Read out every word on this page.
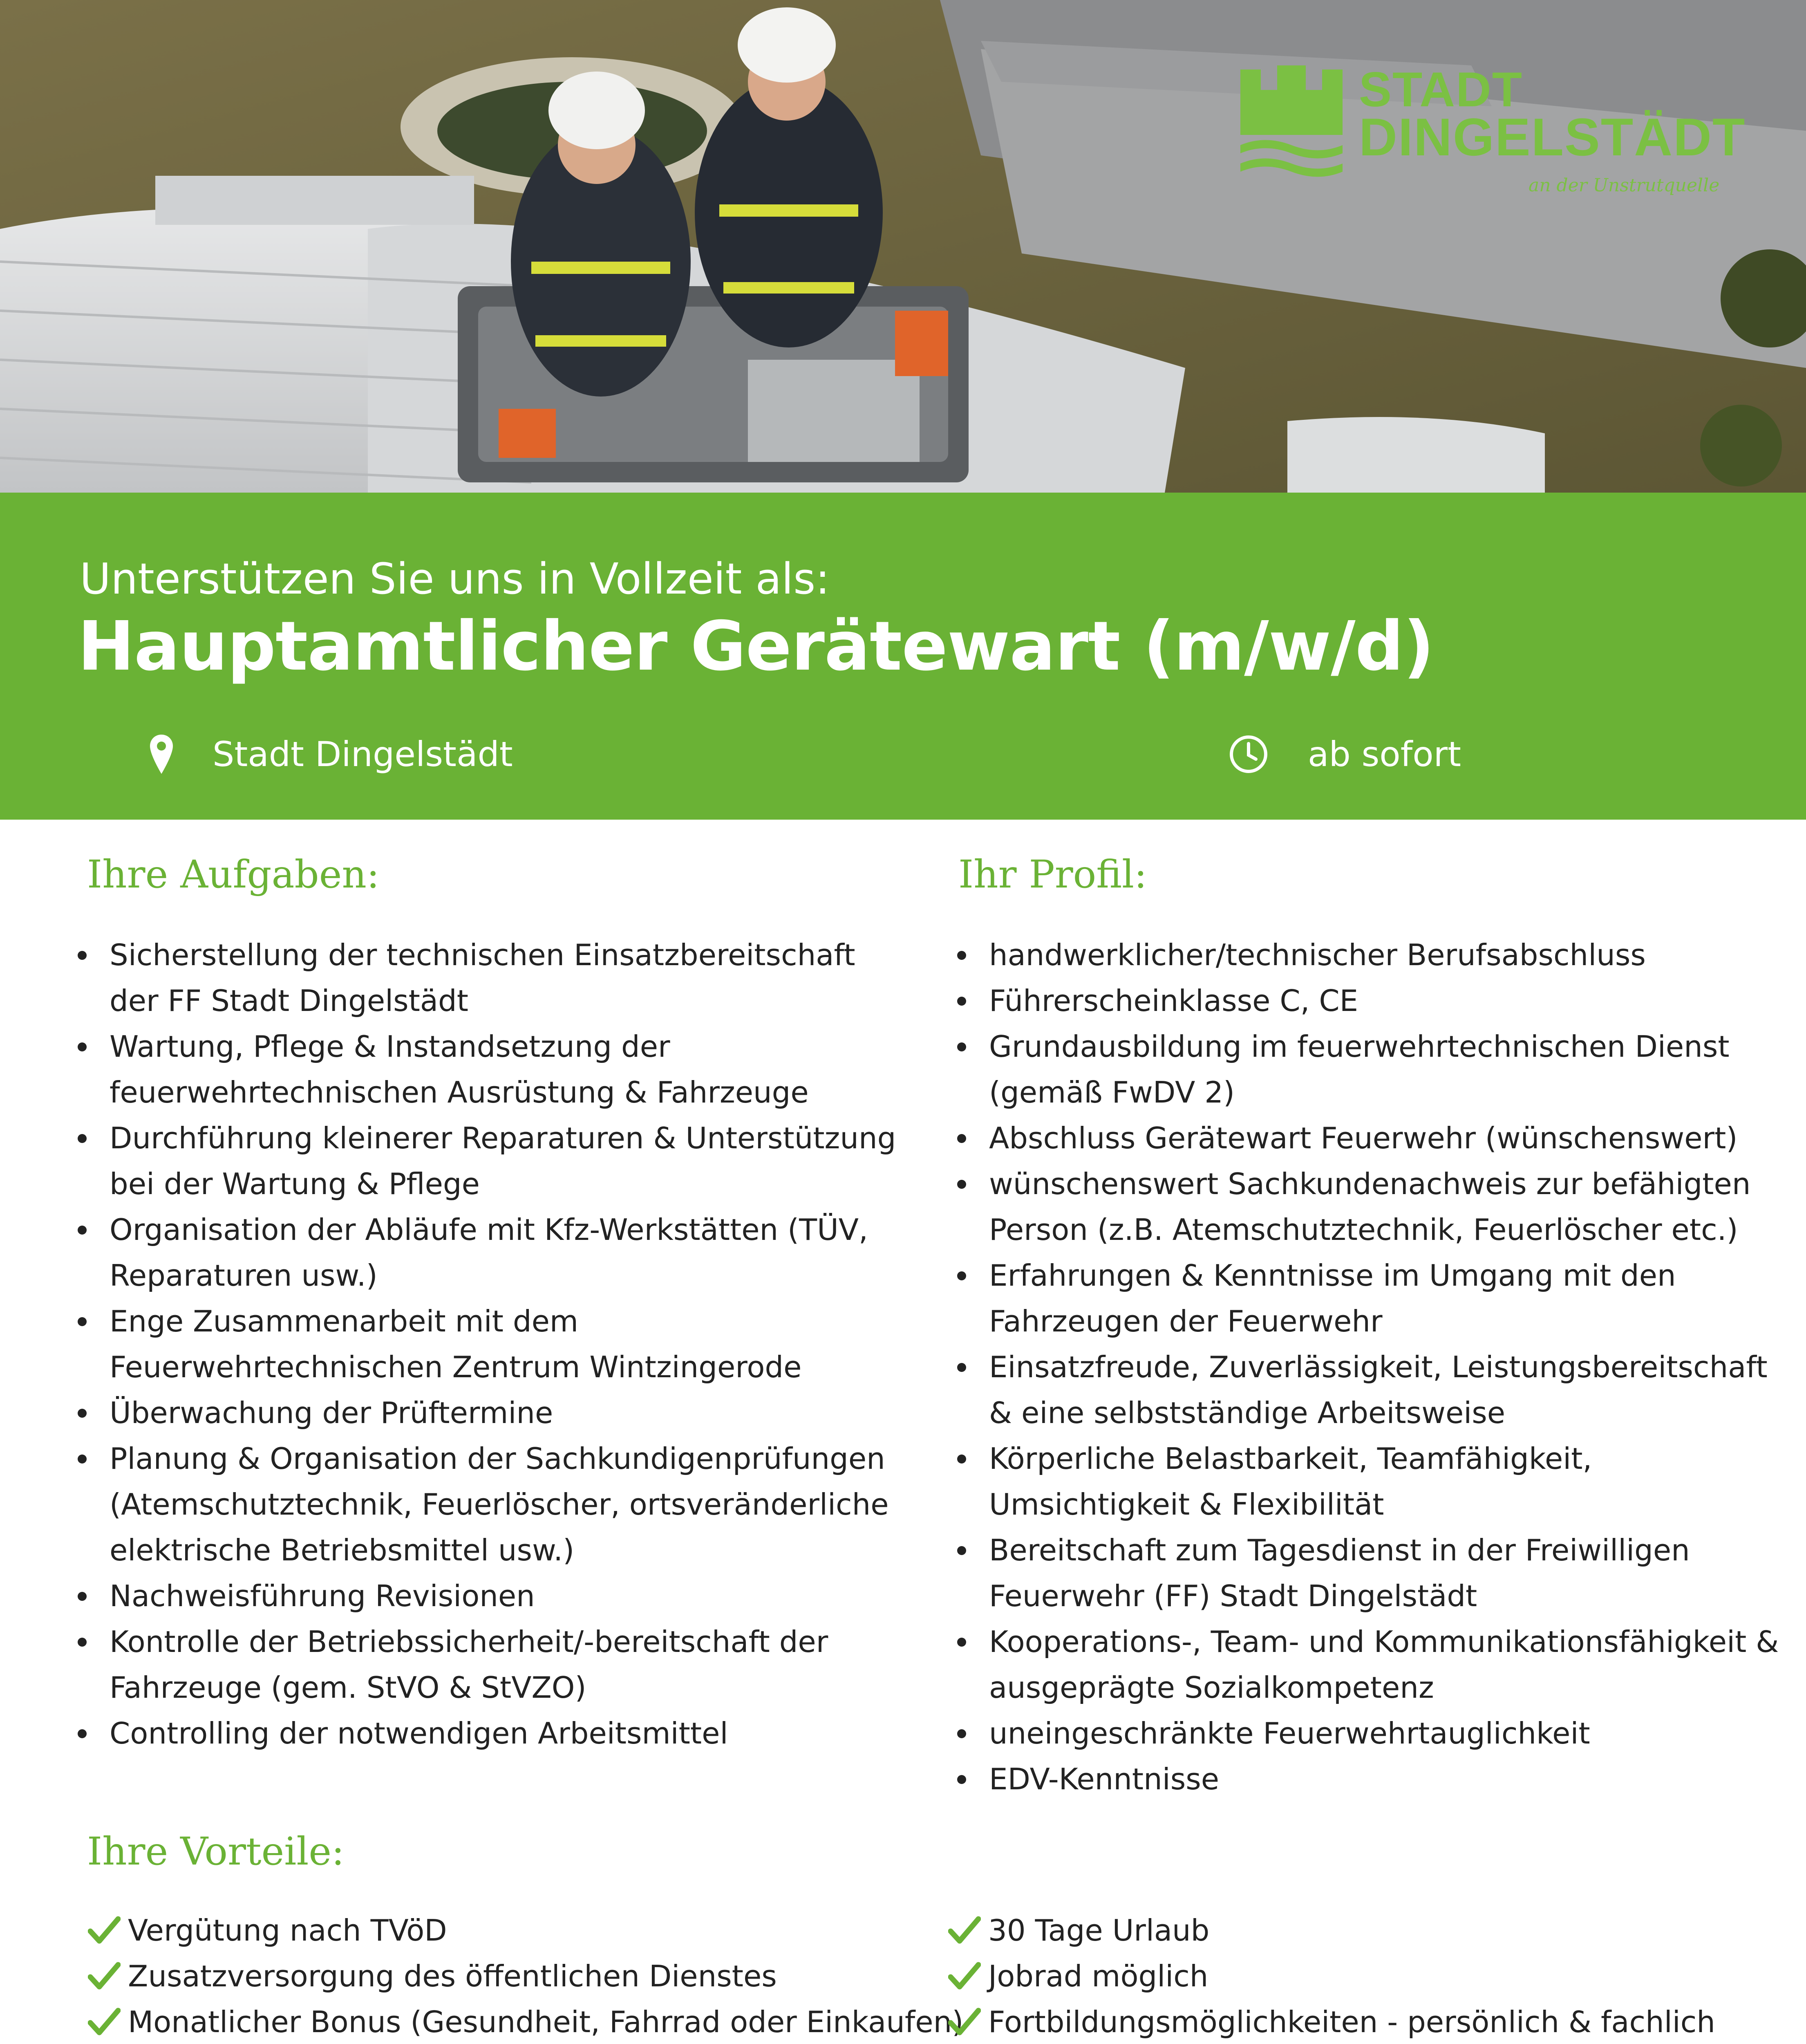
STADT
DINGELSTÄDT
an der Unstrutquelle
Unterstützen Sie uns in Vollzeit als:
Hauptamtlicher Gerätewart (m/w/d)
Stadt Dingelstädt	ab sofort
Ihre Aufgaben:
Sicherstellung der technischen Einsatzbereitschaft der FF Stadt Dingelstädt
Wartung, Pflege & Instandsetzung der feuerwehrtechnischen Ausrüstung & Fahrzeuge
Durchführung kleinerer Reparaturen & Unterstützung bei der Wartung & Pflege
Organisation der Abläufe mit Kfz-Werkstätten (TÜV, Reparaturen usw.)
Enge Zusammenarbeit mit dem Feuerwehrtechnischen Zentrum Wintzingerode
Überwachung der Prüftermine
Planung & Organisation der Sachkundigenprüfungen (Atemschutztechnik, Feuerlöscher, ortsveränderliche elektrische Betriebsmittel usw.)
Nachweisführung Revisionen
Kontrolle der Betriebssicherheit/-bereitschaft der Fahrzeuge (gem. StVO & StVZO)
Controlling der notwendigen Arbeitsmittel
Ihr Profil:
handwerklicher/technischer Berufsabschluss
Führerscheinklasse C, CE
Grundausbildung im feuerwehrtechnischen Dienst (gemäß FwDV 2)
Abschluss Gerätewart Feuerwehr (wünschenswert)
wünschenswert Sachkundenachweis zur befähigten Person (z.B. Atemschutztechnik, Feuerlöscher etc.)
Erfahrungen & Kenntnisse im Umgang mit den Fahrzeugen der Feuerwehr
Einsatzfreude, Zuverlässigkeit, Leistungsbereitschaft & eine selbstständige Arbeitsweise
Körperliche Belastbarkeit, Teamfähigkeit, Umsichtigkeit & Flexibilität
Bereitschaft zum Tagesdienst in der Freiwilligen Feuerwehr (FF) Stadt Dingelstädt
Kooperations-, Team- und Kommunikationsfähigkeit & ausgeprägte Sozialkompetenz
uneingeschränkte Feuerwehrtauglichkeit
EDV-Kenntnisse
Ihre Vorteile:
Vergütung nach TVöD
Zusatzversorgung des öffentlichen Dienstes
Monatlicher Bonus (Gesundheit, Fahrrad oder Einkaufen)
30 Tage Urlaub
Jobrad möglich
Fortbildungsmöglichkeiten - persönlich & fachlich
